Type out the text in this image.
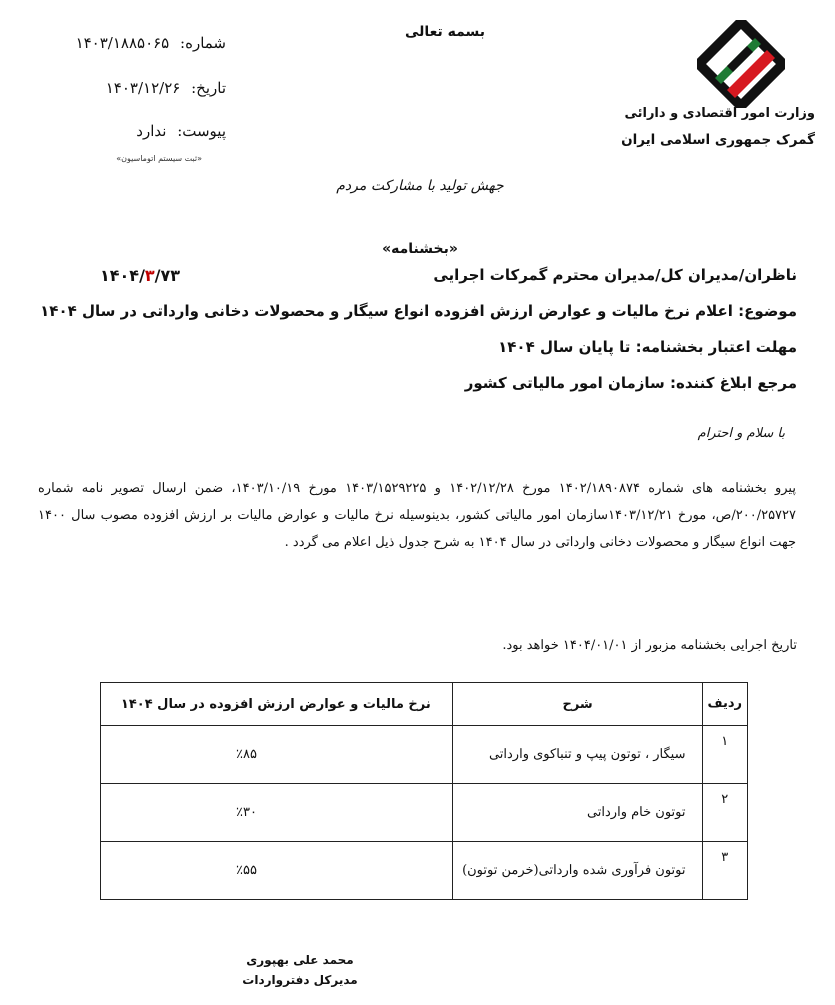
بسمه تعالی
وزارت امور اقتصادی و دارائی
گمرک جمهوری اسلامی ایران
شماره: ۱۴۰۳/۱۸۸۵۰۶۵
تاریخ: ۱۴۰۳/۱۲/۲۶
پیوست: ندارد
«ثبت سیستم اتوماسیون»
جهش تولید با مشارکت مردم
«بخشنامه»
ناظران/مدیران کل/مدیران محترم گمرکات اجرایی
۱۴۰۴/۳/۷۳
موضوع: اعلام نرخ مالیات و عوارض ارزش افزوده انواع سیگار و محصولات دخانی وارداتی در سال ۱۴۰۴
مهلت اعتبار بخشنامه: تا پایان سال ۱۴۰۴
مرجع ابلاغ کننده: سازمان امور مالیاتی کشور
با سلام و احترام
پیرو بخشنامه های شماره ۱۴۰۲/۱۸۹۰۸۷۴ مورخ ۱۴۰۲/۱۲/۲۸ و ۱۴۰۳/۱۵۲۹۲۲۵ مورخ ۱۴۰۳/۱۰/۱۹، ضمن ارسال تصویر نامه شماره ۲۰۰/۲۵۷۲۷/ص، مورخ ۱۴۰۳/۱۲/۲۱سازمان امور مالیاتی کشور، بدینوسیله نرخ مالیات و عوارض مالیات بر ارزش افزوده مصوب سال ۱۴۰۰ جهت انواع سیگار و محصولات دخانی وارداتی در سال ۱۴۰۴ به شرح جدول ذیل اعلام می گردد .
تاریخ اجرایی بخشنامه مزبور از ۱۴۰۴/۰۱/۰۱ خواهد بود.
ردیف	شرح	نرخ مالیات و عوارض ارزش افزوده در سال ۱۴۰۴
۱	سیگار ، توتون پیپ و تنباکوی وارداتی	٪۸۵
۲	توتون خام وارداتی	٪۳۰
۳	توتون فرآوری شده وارداتی(خرمن توتون)	٪۵۵
محمد علی بهپوری
مدیرکل دفترواردات
